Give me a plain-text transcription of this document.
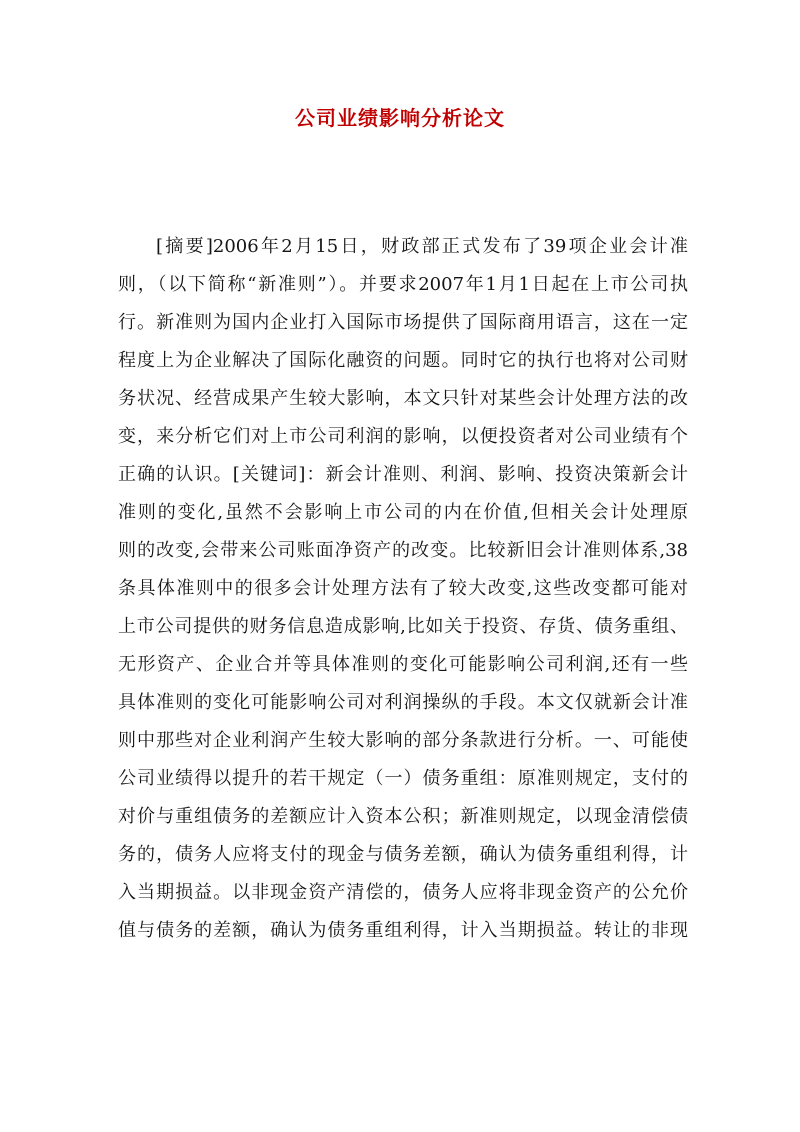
公司业绩影响分析论文
[摘要]2006年2月15日，财政部正式发布了39项企业会计准
则，（以下简称“新准则”）。并要求2007年1月1日起在上市公司执
行。新准则为国内企业打入国际市场提供了国际商用语言，这在一定
程度上为企业解决了国际化融资的问题。同时它的执行也将对公司财
务状况、经营成果产生较大影响，本文只针对某些会计处理方法的改
变，来分析它们对上市公司利润的影响，以便投资者对公司业绩有个
正确的认识。[关键词]：新会计准则、利润、影响、投资决策新会计
准则的变化,虽然不会影响上市公司的内在价值,但相关会计处理原
则的改变,会带来公司账面净资产的改变。比较新旧会计准则体系,38
条具体准则中的很多会计处理方法有了较大改变,这些改变都可能对
上市公司提供的财务信息造成影响,比如关于投资、存货、债务重组、
无形资产、企业合并等具体准则的变化可能影响公司利润,还有一些
具体准则的变化可能影响公司对利润操纵的手段。本文仅就新会计准
则中那些对企业利润产生较大影响的部分条款进行分析。一、可能使
公司业绩得以提升的若干规定（一）债务重组：原准则规定，支付的
对价与重组债务的差额应计入资本公积；新准则规定，以现金清偿债
务的，债务人应将支付的现金与债务差额，确认为债务重组利得，计
入当期损益。以非现金资产清偿的，债务人应将非现金资产的公允价
值与债务的差额，确认为债务重组利得，计入当期损益。转让的非现
